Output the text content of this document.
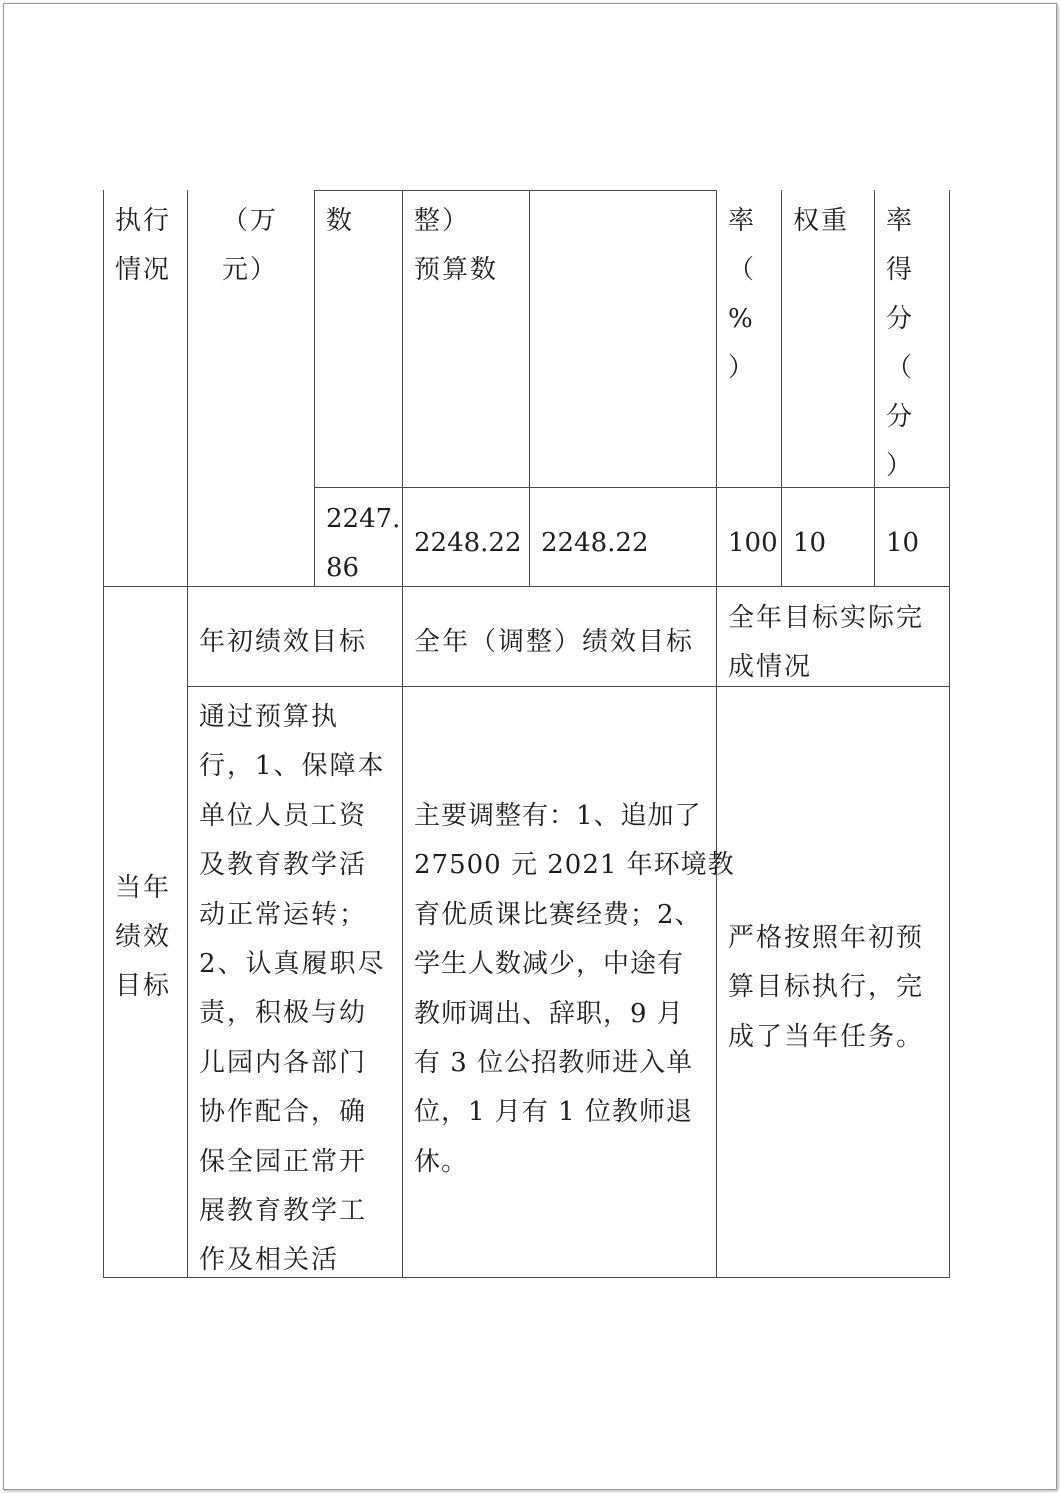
执行
情况
（万
元）
数 整）
预算数
率
（
%
）
权重 率
得
分
（
分
）
2247.
86
2248.22 2248.22	100 10 10
当年
绩效
目标
年初绩效目标 全年（调整）绩效目标
全年目标实际完
成情况
通过预算执
行，1、保障本
单位人员工资
及教育教学活
动正常运转；
2、认真履职尽
责，积极与幼
儿园内各部门
协作配合，确
保全园正常开
展教育教学工
作及相关活
主要调整有：1、追加了
27500 元 2021 年环境教
育优质课比赛经费；2、
学生人数减少，中途有
教师调出、辞职，9 月
有 3 位公招教师进入单
位，1 月有 1 位教师退
休。
严格按照年初预
算目标执行，完
成了当年任务。
